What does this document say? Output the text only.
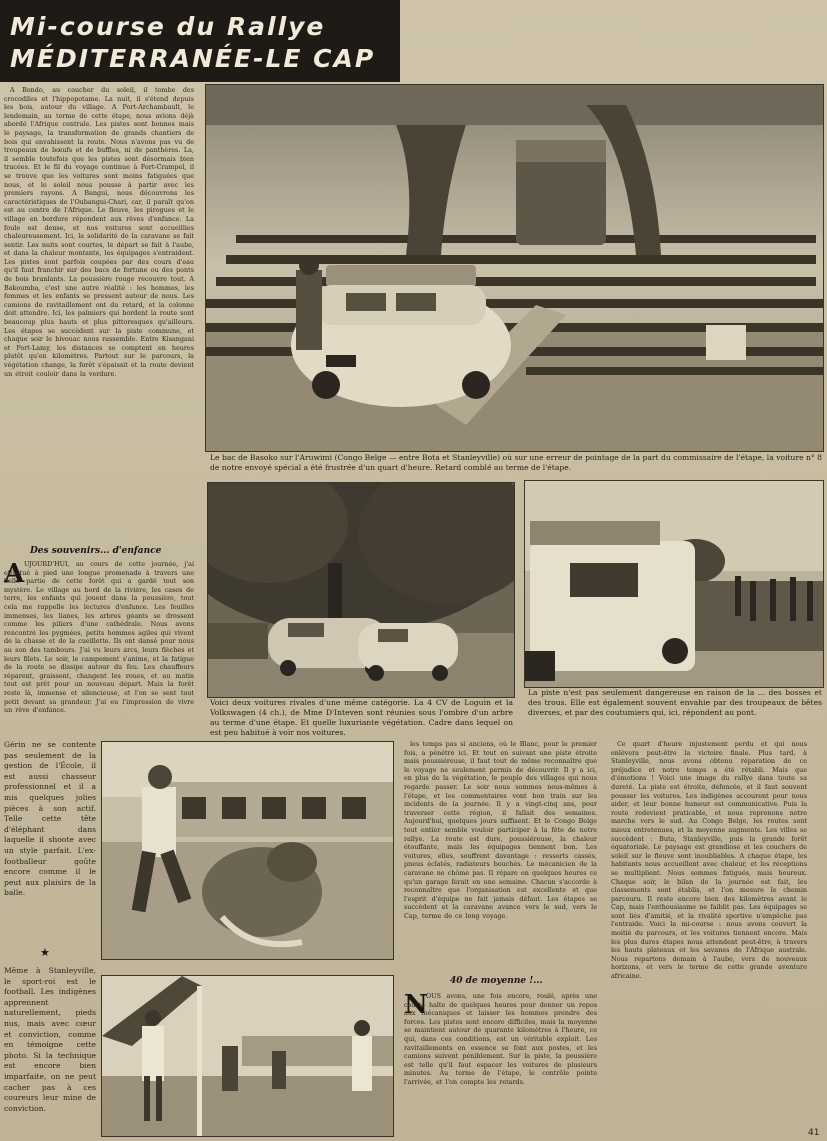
Mi-course du Rallye
MÉDITERRANÉE-LE CAP

A Bondo, au coucher du soleil, il tombe des crocodiles et l'hippopotame. La nuit, il s'étend depuis les bois, autour du village. A Port-Archambault, le lendemain, au terme de cette étape, nous avions déjà abordé l'Afrique centrale. Les pistes sont bonnes mais le paysage, la transformation de grands chantiers de bois qui envahissent la route. Nous n'avons pas vu de troupeaux de bœufs et de buffles, ni de panthères. La, il semble toutefois que les pistes sont désormais bien tracées. Et le fil du voyage continue à Fort-Crampel, il se trouve que les voitures sont moins fatiguées que nous, et le soleil nous pousse à partir avec les premiers rayons. A Bangui, nous découvrons les caractéristiques de l'Oubangui-Chari, car, il paraît qu'on est au centre de l'Afrique. Le fleuve, les pirogues et le village en bordure répondent aux rêves d'enfance. La foule est dense, et nos voitures sont accueillies chaleureusement. Ici, la solidarité de la caravane se fait sentir. Les nuits sont courtes, le départ se fait à l'aube, et dans la chaleur montante, les équipages s'entraident. Les pistes sont parfois coupées par des cours d'eau qu'il faut franchir sur des bacs de fortune ou des ponts de bois branlants. La poussière rouge recouvre tout. A Bakoumba, c'est une autre réalité : les hommes, les femmes et les enfants se pressent autour de nous. Les camions de ravitaillement ont du retard, et la colonne doit attendre. Ici, les palmiers qui bordent la route sont beaucoup plus hauts et plus pittoresques qu'ailleurs. Les étapes se succèdent sur la piste commune, et chaque soir le bivouac nous rassemble. Entre Kisangani et Port-Lamy, les distances se comptent en heures plutôt qu'en kilomètres. Partout sur le parcours, la végétation change, la forêt s'épaissit et la route devient un étroit couloir dans la verdure.

Des souvenirs... d'enfance
A UJOURD'HUI, au cours de cette journée, j'ai effectué à pied une longue promenade à travers une belle partie de cette forêt qui a gardé tout son mystère. Le village au bord de la rivière, les cases de terre, les enfants qui jouent dans la poussière, tout cela me rappelle les lectures d'enfance. Les feuilles immenses, les lianes, les arbres géants se dressent comme les piliers d'une cathédrale. Nous avons rencontré les pygmées, petits hommes agiles qui vivent de la chasse et de la cueillette. Ils ont dansé pour nous au son des tambours. J'ai vu leurs arcs, leurs flèches et leurs filets. Le soir, le campement s'anime, et la fatigue de la route se dissipe autour du feu. Les chauffeurs réparent, graissent, changent les roues, et au matin tout est prêt pour un nouveau départ. Mais la forêt reste là, immense et silencieuse, et l'on se sent tout petit devant sa grandeur. J'ai eu l'impression de vivre un rêve d'enfance.

Gérin ne se contente pas seulement de la gestion de l'École, il est aussi chasseur professionnel et il a mis quelques jolies pièces à son actif. Telle cette tête d'éléphant dans laquelle il shoote avec un style parfait. L'ex-footballeur goûte encore comme il le peut aux plaisirs de la balle.

★

Même à Stanleyville, le sport-roi est le football. Les indigènes apprennent naturellement, pieds nus, mais avec cœur et conviction, comme en témoigne cette photo. Si la technique est encore bien imparfaite, on ne peut cacher pas à ces coureurs leur mine de conviction.

Le bac de Basoko sur l'Aruwimi (Congo Belge — entre Bota et Stanleyville) où sur une erreur de pointage de la part du commissaire de l'étape, la voiture n° 8 de notre envoyé spécial a été frustrée d'un quart d'heure. Retard comblé au terme de l'étape.
Voici deux voitures rivales d'une même catégorie. La 4 CV de Loguin et la Volkswagen (4 ch.), de Mme D'Inteven sont réunies sous l'ombre d'un arbre au terme d'une étape. Et quelle luxuriante végétation. Cadre dans lequel on est peu habitué à voir nos voitures.
La piste n'est pas seulement dangereuse en raison de la ... des bosses et des trous. Elle est également souvent envahie par des troupeaux de bêtes diverses, et par des coutumiers qui, ici, répondent au pont.

les temps pas si anciens, où le Blanc, pour le premier fois, a pénétré ici. Et tout en suivant une piste étroite mais poussiéreuse, il faut tout de même reconnaître que le voyage ne seulement permis de découvrir. Il y a ici, en plus de la végétation, le peuple des villages qui nous regarde passer. Le soir nous sommes nous-mêmes à l'étape, et les commentaires vont bon train sur les incidents de la journée. Il y a vingt-cinq ans, pour traverser cette région, il fallait des semaines. Aujourd'hui, quelques jours suffisent. Et le Congo Belge tout entier semble vouloir participer à la fête de notre rallye. La route est dure, poussiéreuse, la chaleur étouffante, mais les équipages tiennent bon. Les voitures, elles, souffrent davantage : ressorts cassés, pneus éclatés, radiateurs bouchés. Le mécanicien de la caravane ne chôme pas. Il répare en quelques heures ce qu'un garage ferait en une semaine. Chacun s'accorde à reconnaître que l'organisation est excellente et que l'esprit d'équipe ne fait jamais défaut. Les étapes se succèdent et la caravane avance vers le sud, vers le Cap, terme de ce long voyage.

40 de moyenne !...
N

OUS avons, une fois encore, roulé, après une courte halte de quelques heures pour donner un repos aux mécaniques et laisser les hommes prendre des forces. Les pistes sont encore difficiles, mais la moyenne se maintient autour de quarante kilomètres à l'heure, ce qui, dans ces conditions, est un véritable exploit. Les ravitaillements en essence se font aux postes, et les camions suivent péniblement. Sur la piste, la poussière est telle qu'il faut espacer les voitures de plusieurs minutes. Au terme de l'étape, le contrôle pointe l'arrivée, et l'on compte les retards.

Ce quart d'heure injustement perdu et qui nous enlèvera peut-être la victoire finale. Plus tard, à Stanleyville, nous avons obtenu réparation de ce préjudice et notre temps a été rétabli. Mais que d'émotions ! Voici une image du rallye dans toute sa dureté. La piste est étroite, défoncée, et il faut souvent pousser les voitures. Les indigènes accourent pour nous aider, et leur bonne humeur est communicative. Puis la route redevient praticable, et nous reprenons notre marche vers le sud. Au Congo Belge, les routes sont mieux entretenues, et la moyenne augmente. Les villes se succèdent : Buta, Stanleyville, puis la grande forêt équatoriale. Le paysage est grandiose et les couchers de soleil sur le fleuve sont inoubliables. A chaque étape, les habitants nous accueillent avec chaleur, et les réceptions se multiplient. Nous sommes fatigués, mais heureux. Chaque soir, le bilan de la journée est fait, les classements sont établis, et l'on mesure le chemin parcouru. Il reste encore bien des kilomètres avant le Cap, mais l'enthousiasme ne faiblit pas. Les équipages se sont liés d'amitié, et la rivalité sportive n'empêche pas l'entraide. Voici la mi-course : nous avons couvert la moitié du parcours, et les voitures tiennent encore. Mais les plus dures étapes nous attendent peut-être, à travers les hauts plateaux et les savanes de l'Afrique australe. Nous repartons demain à l'aube, vers de nouveaux horizons, et vers le terme de cette grande aventure africaine.

41
